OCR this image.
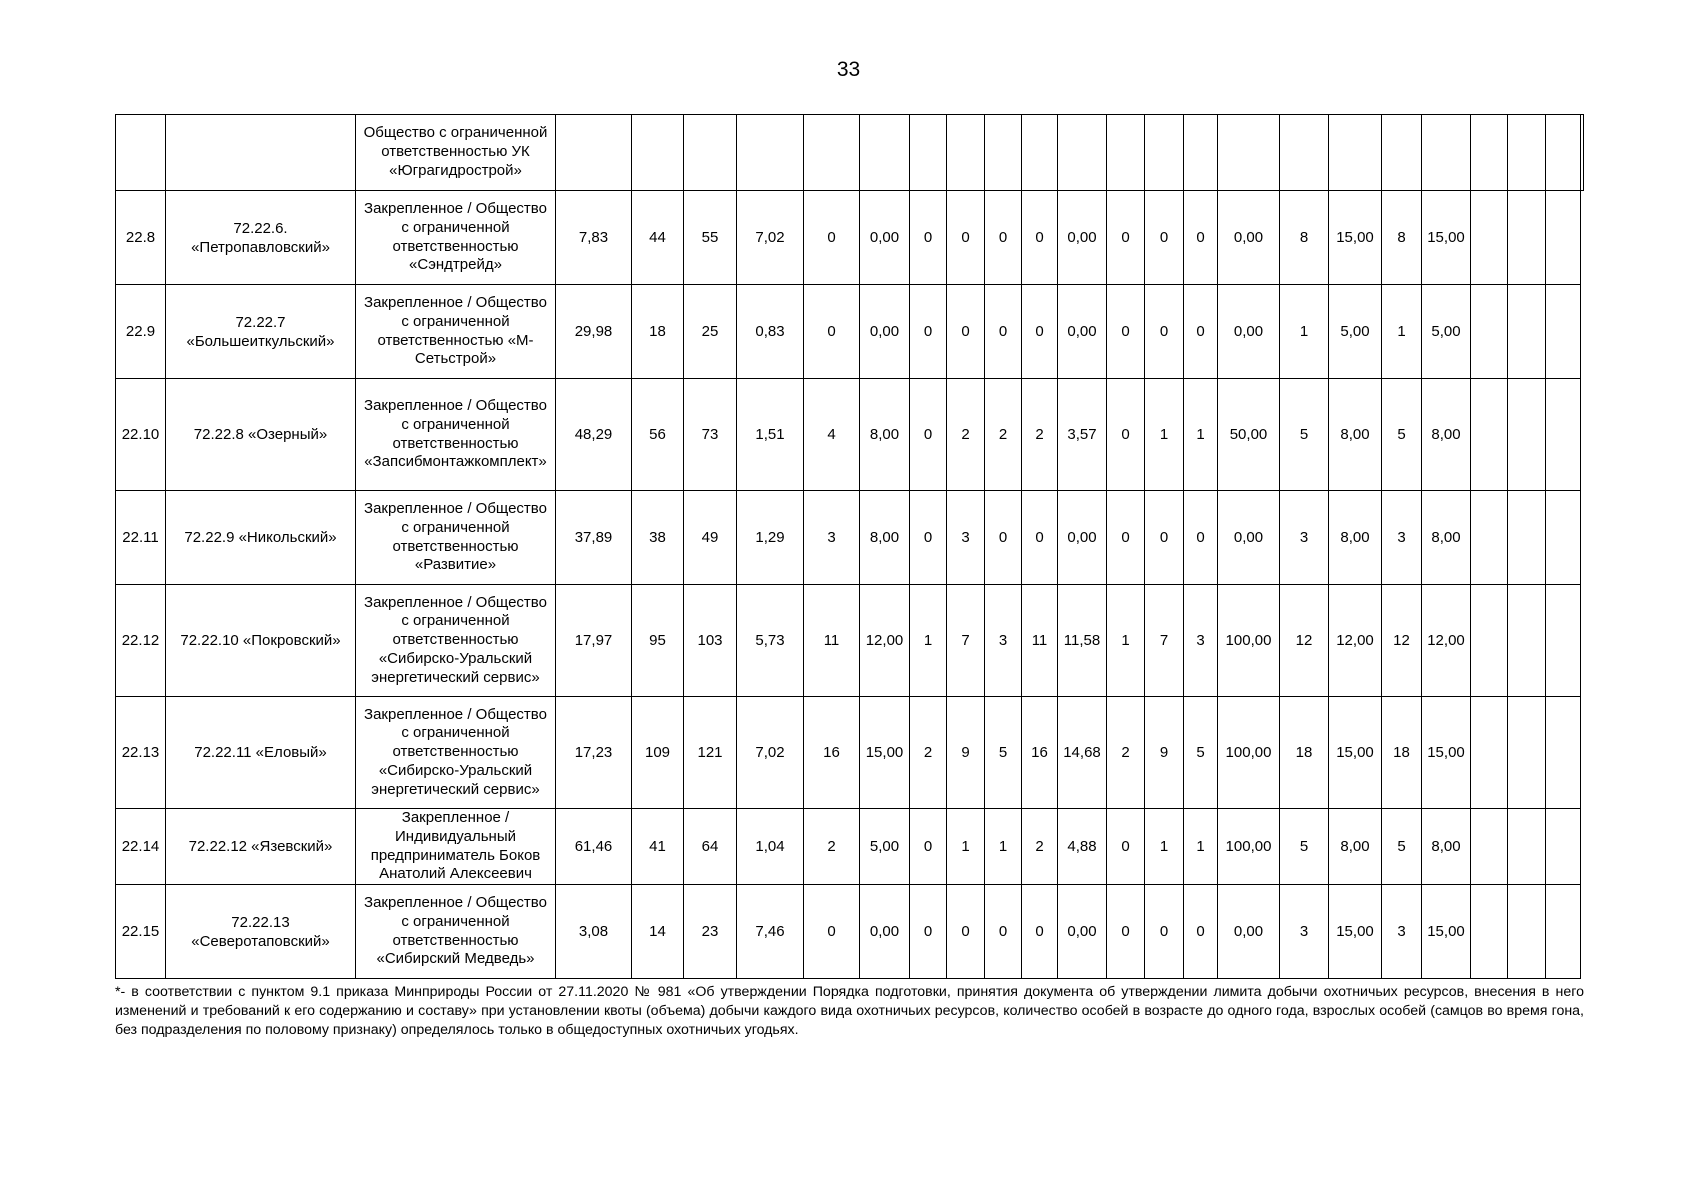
33
		Общество с ограниченной ответственностью УК «Юграгидрострой»																							
22.8	72.22.6. «Петропавловский»	Закрепленное / Общество с ограниченной ответственностью «Сэндтрейд»	7,83	44	55	7,02	0	0,00	0	0	0	0	0,00	0	0	0	0,00	8	15,00	8	15,00				
22.9	72.22.7 «Большеиткульский»	Закрепленное / Общество с ограниченной ответственностью «М-Сетьстрой»	29,98	18	25	0,83	0	0,00	0	0	0	0	0,00	0	0	0	0,00	1	5,00	1	5,00				
22.10	72.22.8 «Озерный»	Закрепленное / Общество с ограниченной ответственностью «Запсибмонтажкомплект»	48,29	56	73	1,51	4	8,00	0	2	2	2	3,57	0	1	1	50,00	5	8,00	5	8,00				
22.11	72.22.9 «Никольский»	Закрепленное / Общество с ограниченной ответственностью «Развитие»	37,89	38	49	1,29	3	8,00	0	3	0	0	0,00	0	0	0	0,00	3	8,00	3	8,00				
22.12	72.22.10 «Покровский»	Закрепленное / Общество с ограниченной ответственностью «Сибирско-Уральский энергетический сервис»	17,97	95	103	5,73	11	12,00	1	7	3	11	11,58	1	7	3	100,00	12	12,00	12	12,00				
22.13	72.22.11 «Еловый»	Закрепленное / Общество с ограниченной ответственностью «Сибирско-Уральский энергетический сервис»	17,23	109	121	7,02	16	15,00	2	9	5	16	14,68	2	9	5	100,00	18	15,00	18	15,00				
22.14	72.22.12 «Язевский»	Закрепленное / Индивидуальный предприниматель Боков Анатолий Алексеевич	61,46	41	64	1,04	2	5,00	0	1	1	2	4,88	0	1	1	100,00	5	8,00	5	8,00				
22.15	72.22.13 «Северотаповский»	Закрепленное / Общество с ограниченной ответственностью «Сибирский Медведь»	3,08	14	23	7,46	0	0,00	0	0	0	0	0,00	0	0	0	0,00	3	15,00	3	15,00				
*- в соответствии с пунктом 9.1 приказа Минприроды России от 27.11.2020 № 981 «Об утверждении Порядка подготовки, принятия документа об утверждении лимита добычи охотничьих ресурсов, внесения в него изменений и требований к его содержанию и составу» при установлении квоты (объема) добычи каждого вида охотничьих ресурсов, количество особей в возрасте до одного года, взрослых особей (самцов во время гона, без подразделения по половому признаку) определялось только в общедоступных охотничьих угодьях.
